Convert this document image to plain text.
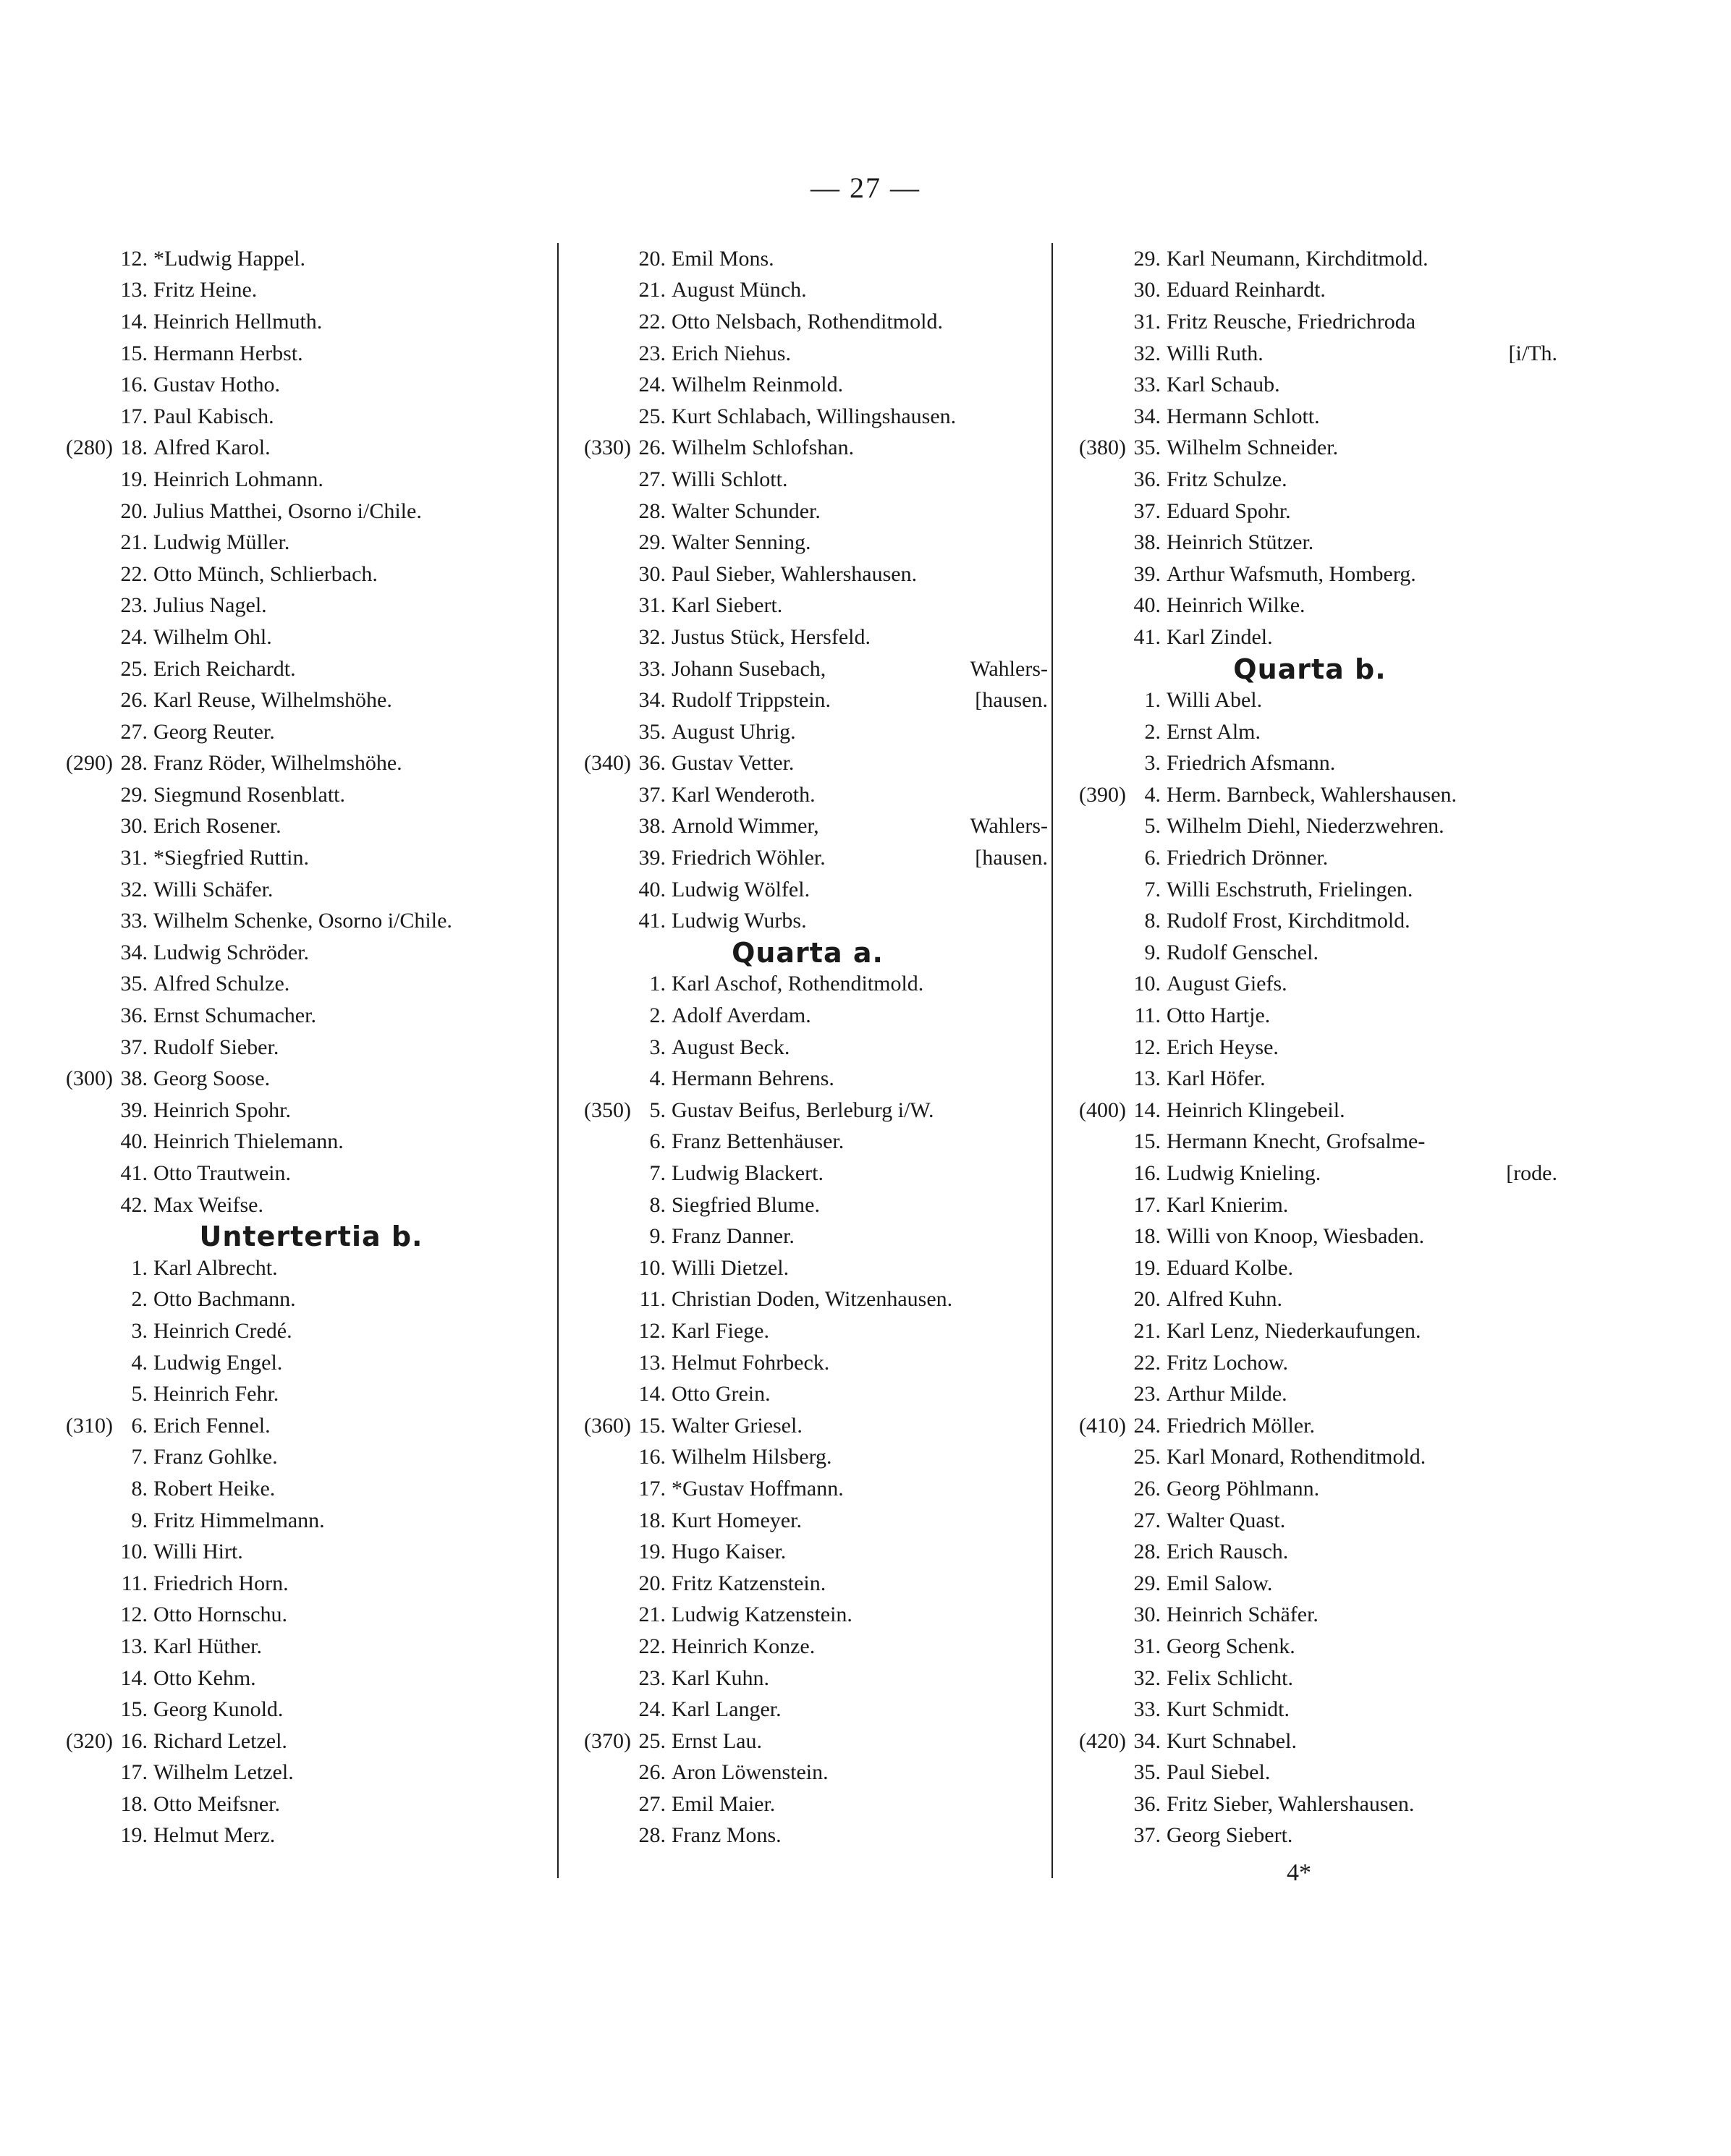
— 27 —
12. *Ludwig Happel.
13. Fritz Heine.
14. Heinrich Hellmuth.
15. Hermann Herbst.
16. Gustav Hotho.
17. Paul Kabisch.
(280) 18. Alfred Karol.
19. Heinrich Lohmann.
20. Julius Matthei, Osorno i/Chile.
21. Ludwig Müller.
22. Otto Münch, Schlierbach.
23. Julius Nagel.
24. Wilhelm Ohl.
25. Erich Reichardt.
26. Karl Reuse, Wilhelmshöhe.
27. Georg Reuter.
(290) 28. Franz Röder, Wilhelmshöhe.
29. Siegmund Rosenblatt.
30. Erich Rosener.
31. *Siegfried Ruttin.
32. Willi Schäfer.
33. Wilhelm Schenke, Osorno i/Chile.
34. Ludwig Schröder.
35. Alfred Schulze.
36. Ernst Schumacher.
37. Rudolf Sieber.
(300) 38. Georg Soose.
39. Heinrich Spohr.
40. Heinrich Thielemann.
41. Otto Trautwein.
42. Max Weifse.
Untertertia b.
1. Karl Albrecht.
2. Otto Bachmann.
3. Heinrich Credé.
4. Ludwig Engel.
5. Heinrich Fehr.
(310) 6. Erich Fennel.
7. Franz Gohlke.
8. Robert Heike.
9. Fritz Himmelmann.
10. Willi Hirt.
11. Friedrich Horn.
12. Otto Hornschu.
13. Karl Hüther.
14. Otto Kehm.
15. Georg Kunold.
(320) 16. Richard Letzel.
17. Wilhelm Letzel.
18. Otto Meifsner.
19. Helmut Merz.
20. Emil Mons.
21. August Münch.
22. Otto Nelsbach, Rothenditmold.
23. Erich Niehus.
24. Wilhelm Reinmold.
25. Kurt Schlabach, Willingshausen.
(330) 26. Wilhelm Schlofshan.
27. Willi Schlott.
28. Walter Schunder.
29. Walter Senning.
30. Paul Sieber, Wahlershausen.
31. Karl Siebert.
32. Justus Stück, Hersfeld.
33. Johann Susebach,	Wahlers-
34. Rudolf Trippstein.	[hausen.
35. August Uhrig.
(340) 36. Gustav Vetter.
37. Karl Wenderoth.
38. Arnold Wimmer,	Wahlers-
39. Friedrich Wöhler.	[hausen.
40. Ludwig Wölfel.
41. Ludwig Wurbs.
Quarta a.
1. Karl Aschof, Rothenditmold.
2. Adolf Averdam.
3. August Beck.
4. Hermann Behrens.
(350) 5. Gustav Beifus, Berleburg i/W.
6. Franz Bettenhäuser.
7. Ludwig Blackert.
8. Siegfried Blume.
9. Franz Danner.
10. Willi Dietzel.
11. Christian Doden, Witzenhausen.
12. Karl Fiege.
13. Helmut Fohrbeck.
14. Otto Grein.
(360) 15. Walter Griesel.
16. Wilhelm Hilsberg.
17. *Gustav Hoffmann.
18. Kurt Homeyer.
19. Hugo Kaiser.
20. Fritz Katzenstein.
21. Ludwig Katzenstein.
22. Heinrich Konze.
23. Karl Kuhn.
24. Karl Langer.
(370) 25. Ernst Lau.
26. Aron Löwenstein.
27. Emil Maier.
28. Franz Mons.
29. Karl Neumann, Kirchditmold.
30. Eduard Reinhardt.
31. Fritz Reusche, Friedrichroda
32. Willi Ruth.	[i/Th.
33. Karl Schaub.
34. Hermann Schlott.
(380) 35. Wilhelm Schneider.
36. Fritz Schulze.
37. Eduard Spohr.
38. Heinrich Stützer.
39. Arthur Wafsmuth, Homberg.
40. Heinrich Wilke.
41. Karl Zindel.
Quarta b.
1. Willi Abel.
2. Ernst Alm.
3. Friedrich Afsmann.
(390) 4. Herm. Barnbeck, Wahlershausen.
5. Wilhelm Diehl, Niederzwehren.
6. Friedrich Drönner.
7. Willi Eschstruth, Frielingen.
8. Rudolf Frost, Kirchditmold.
9. Rudolf Genschel.
10. August Giefs.
11. Otto Hartje.
12. Erich Heyse.
13. Karl Höfer.
(400) 14. Heinrich Klingebeil.
15. Hermann Knecht, Grofsalme-
16. Ludwig Knieling.	[rode.
17. Karl Knierim.
18. Willi von Knoop, Wiesbaden.
19. Eduard Kolbe.
20. Alfred Kuhn.
21. Karl Lenz, Niederkaufungen.
22. Fritz Lochow.
23. Arthur Milde.
(410) 24. Friedrich Möller.
25. Karl Monard, Rothenditmold.
26. Georg Pöhlmann.
27. Walter Quast.
28. Erich Rausch.
29. Emil Salow.
30. Heinrich Schäfer.
31. Georg Schenk.
32. Felix Schlicht.
33. Kurt Schmidt.
(420) 34. Kurt Schnabel.
35. Paul Siebel.
36. Fritz Sieber, Wahlershausen.
37. Georg Siebert.
4*
